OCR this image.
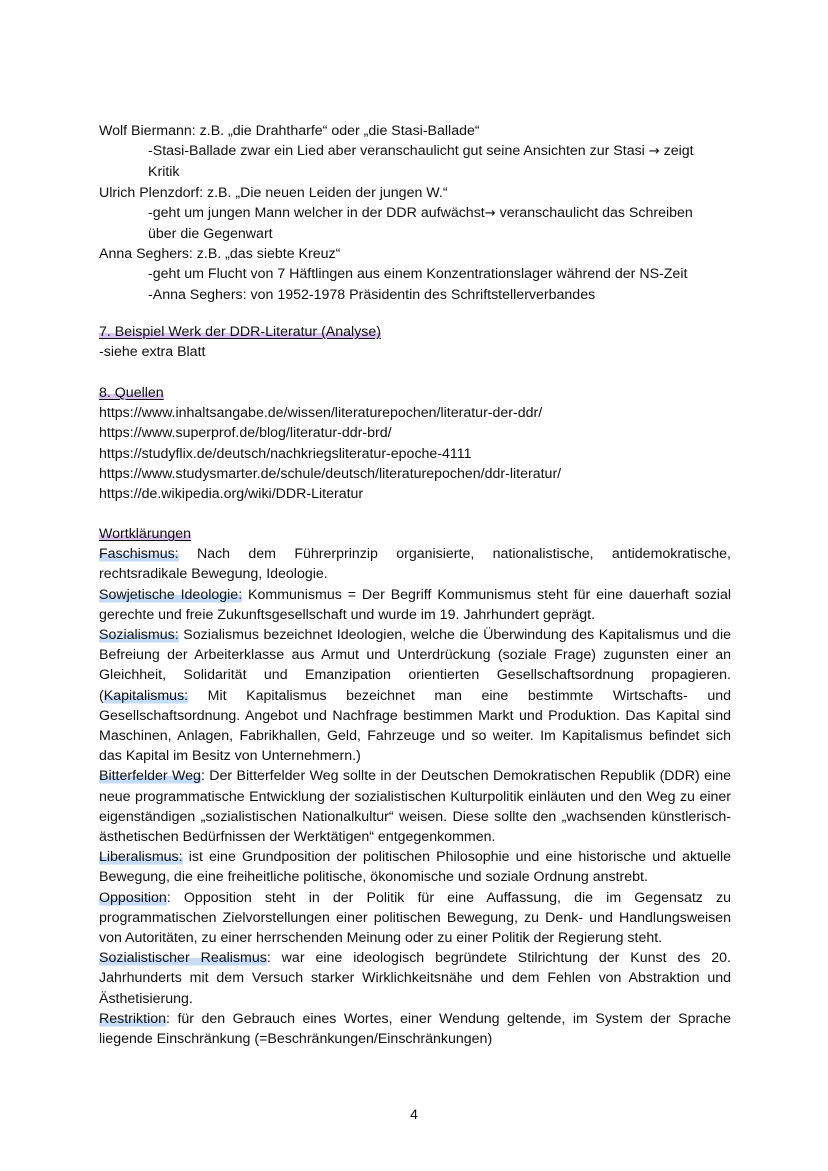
Wolf Biermann: z.B. „die Drahtharfe“ oder „die Stasi-Ballade“
-Stasi-Ballade zwar ein Lied aber veranschaulicht gut seine Ansichten zur Stasi → zeigt
Kritik
Ulrich Plenzdorf: z.B. „Die neuen Leiden der jungen W.“
-geht um jungen Mann welcher in der DDR aufwächst→ veranschaulicht das Schreiben
über die Gegenwart
Anna Seghers: z.B. „das siebte Kreuz“
-geht um Flucht von 7 Häftlingen aus einem Konzentrationslager während der NS-Zeit
-Anna Seghers: von 1952-1978 Präsidentin des Schriftstellerverbandes
7. Beispiel Werk der DDR-Literatur (Analyse)
-siehe extra Blatt
8. Quellen
https://www.inhaltsangabe.de/wissen/literaturepochen/literatur-der-ddr/
https://www.superprof.de/blog/literatur-ddr-brd/
https://studyflix.de/deutsch/nachkriegsliteratur-epoche-4111
https://www.studysmarter.de/schule/deutsch/literaturepochen/ddr-literatur/
https://de.wikipedia.org/wiki/DDR-Literatur
Wortklärungen
Faschismus: Nach dem Führerprinzip organisierte, nationalistische, antidemokratische, rechtsradikale Bewegung, Ideologie.
Sowjetische Ideologie: Kommunismus = Der Begriff Kommunismus steht für eine dauerhaft sozial gerechte und freie Zukunftsgesellschaft und wurde im 19. Jahrhundert geprägt.
Sozialismus: Sozialismus bezeichnet Ideologien, welche die Überwindung des Kapitalismus und die Befreiung der Arbeiterklasse aus Armut und Unterdrückung (soziale Frage) zugunsten einer an Gleichheit, Solidarität und Emanzipation orientierten Gesellschaftsordnung propagieren. (Kapitalismus: Mit Kapitalismus bezeichnet man eine bestimmte Wirtschafts- und Gesellschaftsordnung. Angebot und Nachfrage bestimmen Markt und Produktion. Das Kapital sind Maschinen, Anlagen, Fabrikhallen, Geld, Fahrzeuge und so weiter. Im Kapitalismus befindet sich das Kapital im Besitz von Unternehmern.)
Bitterfelder Weg: Der Bitterfelder Weg sollte in der Deutschen Demokratischen Republik (DDR) eine neue programmatische Entwicklung der sozialistischen Kulturpolitik einläuten und den Weg zu einer eigenständigen „sozialistischen Nationalkultur“ weisen. Diese sollte den „wachsenden künstlerisch-ästhetischen Bedürfnissen der Werktätigen“ entgegenkommen.
Liberalismus: ist eine Grundposition der politischen Philosophie und eine historische und aktuelle Bewegung, die eine freiheitliche politische, ökonomische und soziale Ordnung anstrebt.
Opposition: Opposition steht in der Politik für eine Auffassung, die im Gegensatz zu programmatischen Zielvorstellungen einer politischen Bewegung, zu Denk- und Handlungsweisen von Autoritäten, zu einer herrschenden Meinung oder zu einer Politik der Regierung steht.
Sozialistischer Realismus: war eine ideologisch begründete Stilrichtung der Kunst des 20. Jahrhunderts mit dem Versuch starker Wirklichkeitsnähe und dem Fehlen von Abstraktion und Ästhetisierung.
Restriktion: für den Gebrauch eines Wortes, einer Wendung geltende, im System der Sprache liegende Einschränkung (=Beschränkungen/Einschränkungen)
4
